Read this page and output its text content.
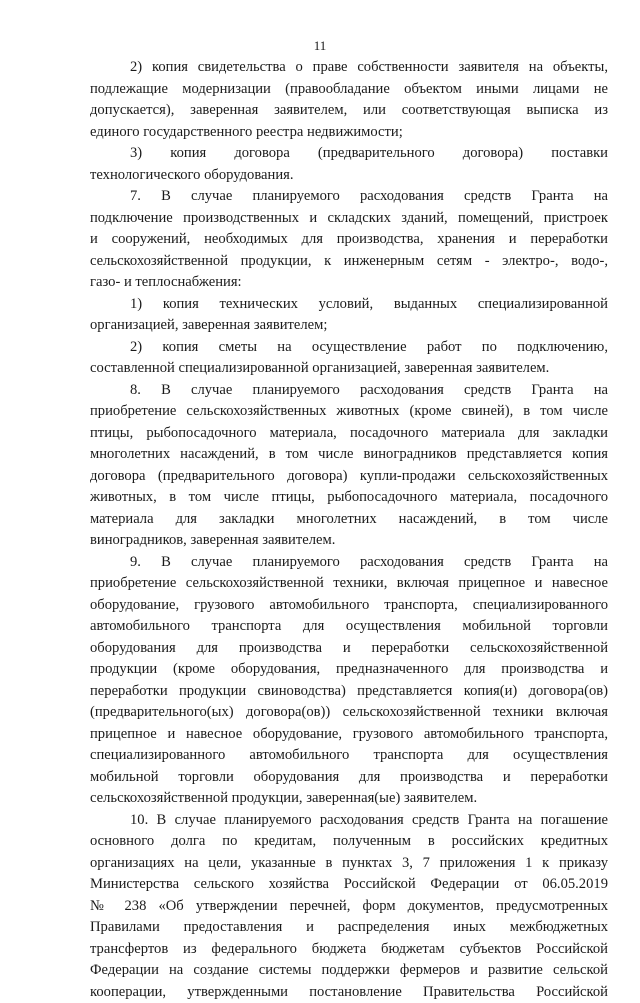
11
2) копия свидетельства о праве собственности заявителя на объекты,
подлежащие модернизации (правообладание объектом иными лицами не
допускается), заверенная заявителем, или соответствующая выписка из
единого государственного реестра недвижимости;
3) копия договора (предварительного договора) поставки
технологического оборудования.
7. В случае планируемого расходования средств Гранта на
подключение производственных и складских зданий, помещений, пристроек
и сооружений, необходимых для производства, хранения и переработки
сельскохозяйственной продукции, к инженерным сетям - электро-, водо-,
газо- и теплоснабжения:
1) копия технических условий, выданных специализированной
организацией, заверенная заявителем;
2) копия сметы на осуществление работ по подключению,
составленной специализированной организацией, заверенная заявителем.
8. В случае планируемого расходования средств Гранта на
приобретение сельскохозяйственных животных (кроме свиней), в том числе
птицы, рыбопосадочного материала, посадочного материала для закладки
многолетних насаждений, в том числе виноградников представляется копия
договора (предварительного договора) купли-продажи сельскохозяйственных
животных, в том числе птицы, рыбопосадочного материала, посадочного
материала для закладки многолетних насаждений, в том числе
виноградников, заверенная заявителем.
9. В случае планируемого расходования средств Гранта на
приобретение сельскохозяйственной техники, включая прицепное и навесное
оборудование, грузового автомобильного транспорта, специализированного
автомобильного транспорта для осуществления мобильной торговли
оборудования для производства и переработки сельскохозяйственной
продукции (кроме оборудования, предназначенного для производства и
переработки продукции свиноводства) представляется копия(и) договора(ов)
(предварительного(ых) договора(ов)) сельскохозяйственной техники включая
прицепное и навесное оборудование, грузового автомобильного транспорта,
специализированного автомобильного транспорта для осуществления
мобильной торговли оборудования для производства и переработки
сельскохозяйственной продукции, заверенная(ые) заявителем.
10. В случае планируемого расходования средств Гранта на погашение
основного долга по кредитам, полученным в российских кредитных
организациях на цели, указанные в пунктах 3, 7 приложения 1 к приказу
Министерства сельского хозяйства Российской Федерации от 06.05.2019
№ 238 «Об утверждении перечней, форм документов, предусмотренных
Правилами предоставления и распределения иных межбюджетных
трансфертов из федерального бюджета бюджетам субъектов Российской
Федерации на создание системы поддержки фермеров и развитие сельской
кооперации, утвержденными постановление Правительства Российской
